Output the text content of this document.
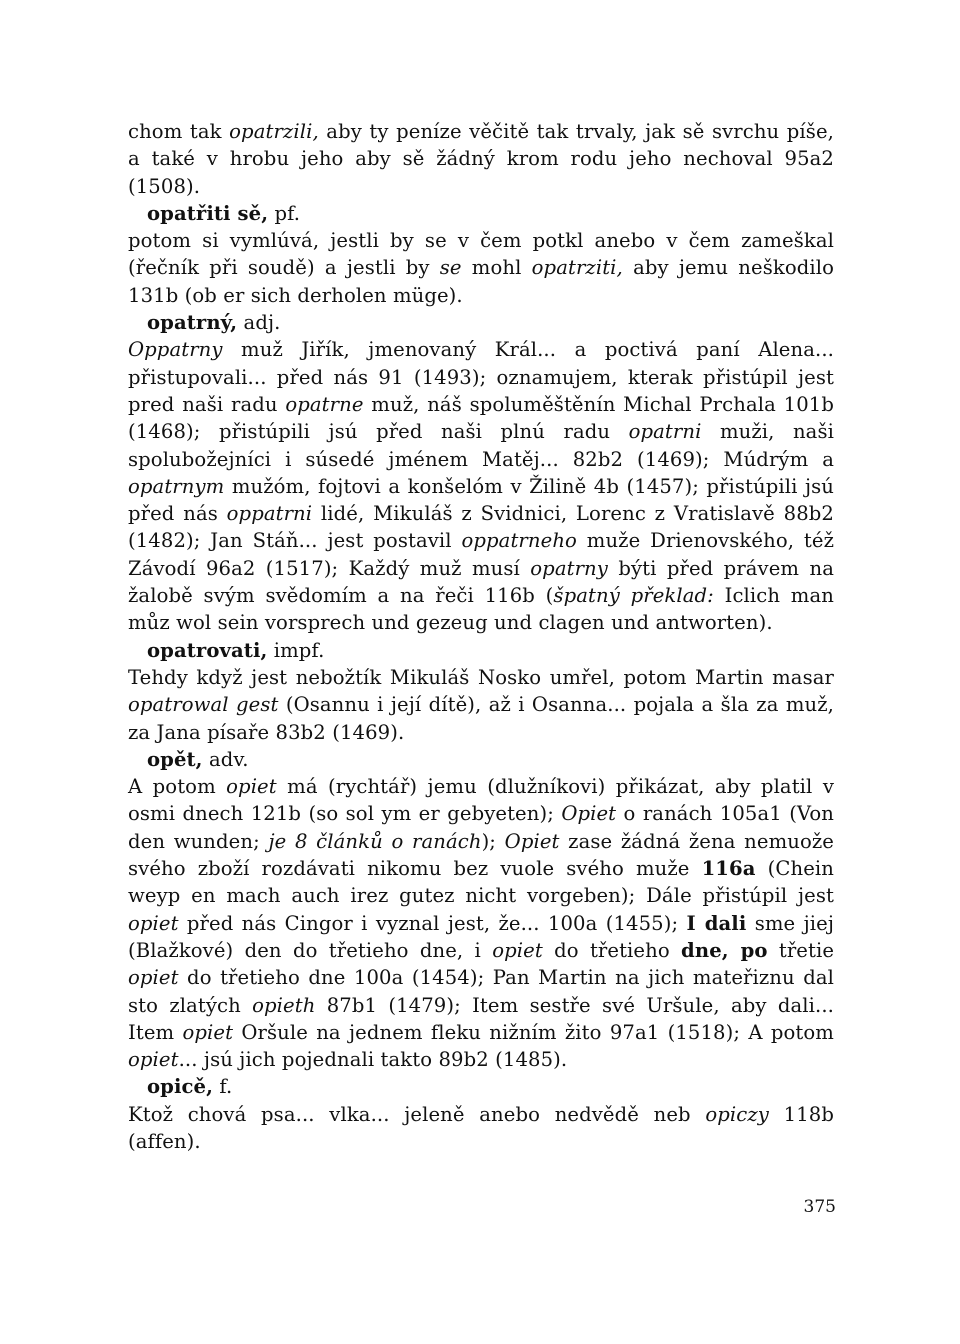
chom tak opatrzili, aby ty peníze věčitě tak trvaly, jak sě svrchu píše, a také v hrobu jeho aby sě žádný krom rodu jeho nechoval 95a2 (1508).

opatřiti sě, pf.

potom si vymlúvá, jestli by se v čem potkl anebo v čem zameškal (řečník při soudě) a jestli by se mohl opatrziti, aby jemu neškodilo 131b (ob er sich derholen müge).

opatrný, adj.

Oppatrny muž Jiřík, jmenovaný Král... a poctivá paní Alena... přistupovali... před nás 91 (1493); oznamujem, kterak přistúpil jest pred naši radu opatrne muž, náš spoluměštěnín Michal Prchala 101b (1468); přistúpili jsú před naši plnú radu opatrni muži, naši spolubožejníci i súsedé jménem Matěj... 82b2 (1469); Múdrým a opatrnym mužóm, fojtovi a konšelóm v Žilině 4b (1457); přistúpili jsú před nás oppatrni lidé, Mikuláš z Svidnici, Lorenc z Vratislavě 88b2 (1482); Jan Stáň... jest postavil oppatrneho muže Drienovského, též Závodí 96a2 (1517); Každý muž musí opatrny býti před právem na žalobě svým svědomím a na řeči 116b (špatný překlad: Iclich man můz wol sein vorsprech und gezeug und clagen und antworten).

opatrovati, impf.

Tehdy když jest nebožtík Mikuláš Nosko umřel, potom Martin masar opatrowal gest (Osannu i její dítě), až i Osanna... pojala a šla za muž, za Jana písaře 83b2 (1469).

opět, adv.

A potom opiet má (rychtář) jemu (dlužníkovi) přikázat, aby platil v osmi dnech 121b (so sol ym er gebyeten); Opiet o ranách 105a1 (Von den wunden; je 8 článků o ranách); Opiet zase žádná žena nemuože svého zboží rozdávati nikomu bez vuole svého muže 116a (Chein weyp en mach auch irez gutez nicht vorgeben); Dále přistúpil jest opiet před nás Cingor i vyznal jest, že... 100a (1455); I dali sme jiej (Blažkové) den do třetieho dne, i opiet do třetieho dne, po třetie opiet do třetieho dne 100a (1454); Pan Martin na jich mateřiznu dal sto zlatých opieth 87b1 (1479); Item sestře své Uršule, aby dali... Item opiet Oršule na jednem fleku nižním žito 97a1 (1518); A potom opiet... jsú jich pojednali takto 89b2 (1485).

opicě, f.

Ktož chová psa... vlka... jeleně anebo nedvědě neb opiczy 118b (affen).

375
